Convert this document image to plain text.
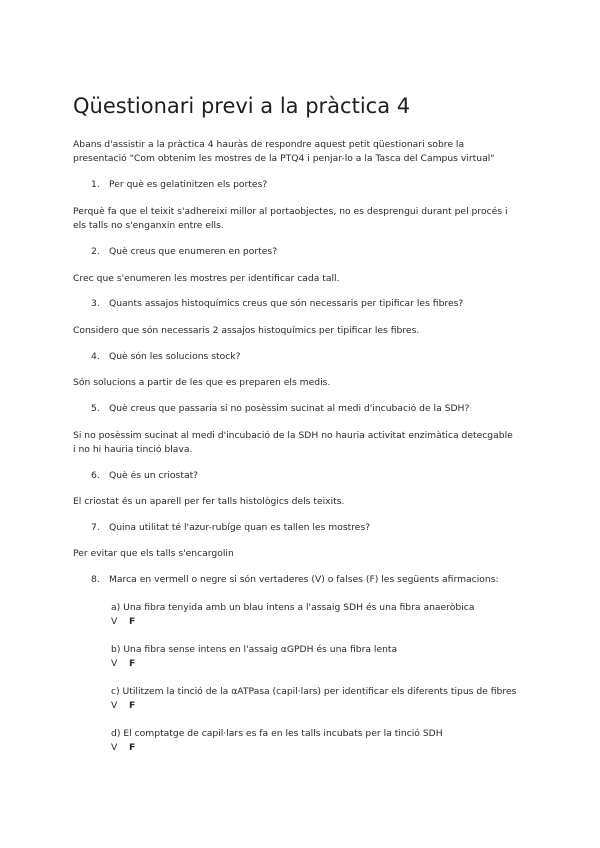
Qüestionari previ a la pràctica 4

Abans d'assistir a la pràctica 4 hauràs de respondre aquest petit qüestionari sobre la

presentació "Com obtenim les mostres de la PTQ4 i penjar-lo a la Tasca del Campus virtual"

1. Per què es gelatinitzen els portes?

Perquè fa que el teixit s'adhereixi millor al portaobjectes, no es desprengui durant pel procés i

els talls no s'enganxin entre ells.

2. Què creus que enumeren en portes?

Crec que s'enumeren les mostres per identificar cada tall.

3. Quants assajos histoquímics creus que són necessaris per tipificar les fibres?

Considero que són necessaris 2 assajos histoquímics per tipificar les fibres.

4. Què són les solucions stock?

Són solucions a partir de les que es preparen els medis.

5. Què creus que passaria si no posèssim sucinat al medi d'incubació de la SDH?

Si no posèssim sucinat al medi d'incubació de la SDH no hauria activitat enzimàtica detecgable

i no hi hauria tinció blava.

6. Què és un criostat?

El criostat és un aparell per fer talls histològics dels teixits.

7. Quina utilitat té l'azur-rubíge quan es tallen les mostres?

Per evitar que els talls s'encargolin

8. Marca en vermell o negre si són vertaderes (V) o falses (F) les següents afirmacions:

a) Una fibra tenyida amb un blau intens a l'assaig SDH és una fibra anaeròbica

V F

b) Una fibra sense intens en l'assaig αGPDH és una fibra lenta

V F

c) Utilitzem la tinció de la αATPasa (capil·lars) per identificar els diferents tipus de fibres

V F

d) El comptatge de capil·lars es fa en les talls incubats per la tinció SDH

V F
